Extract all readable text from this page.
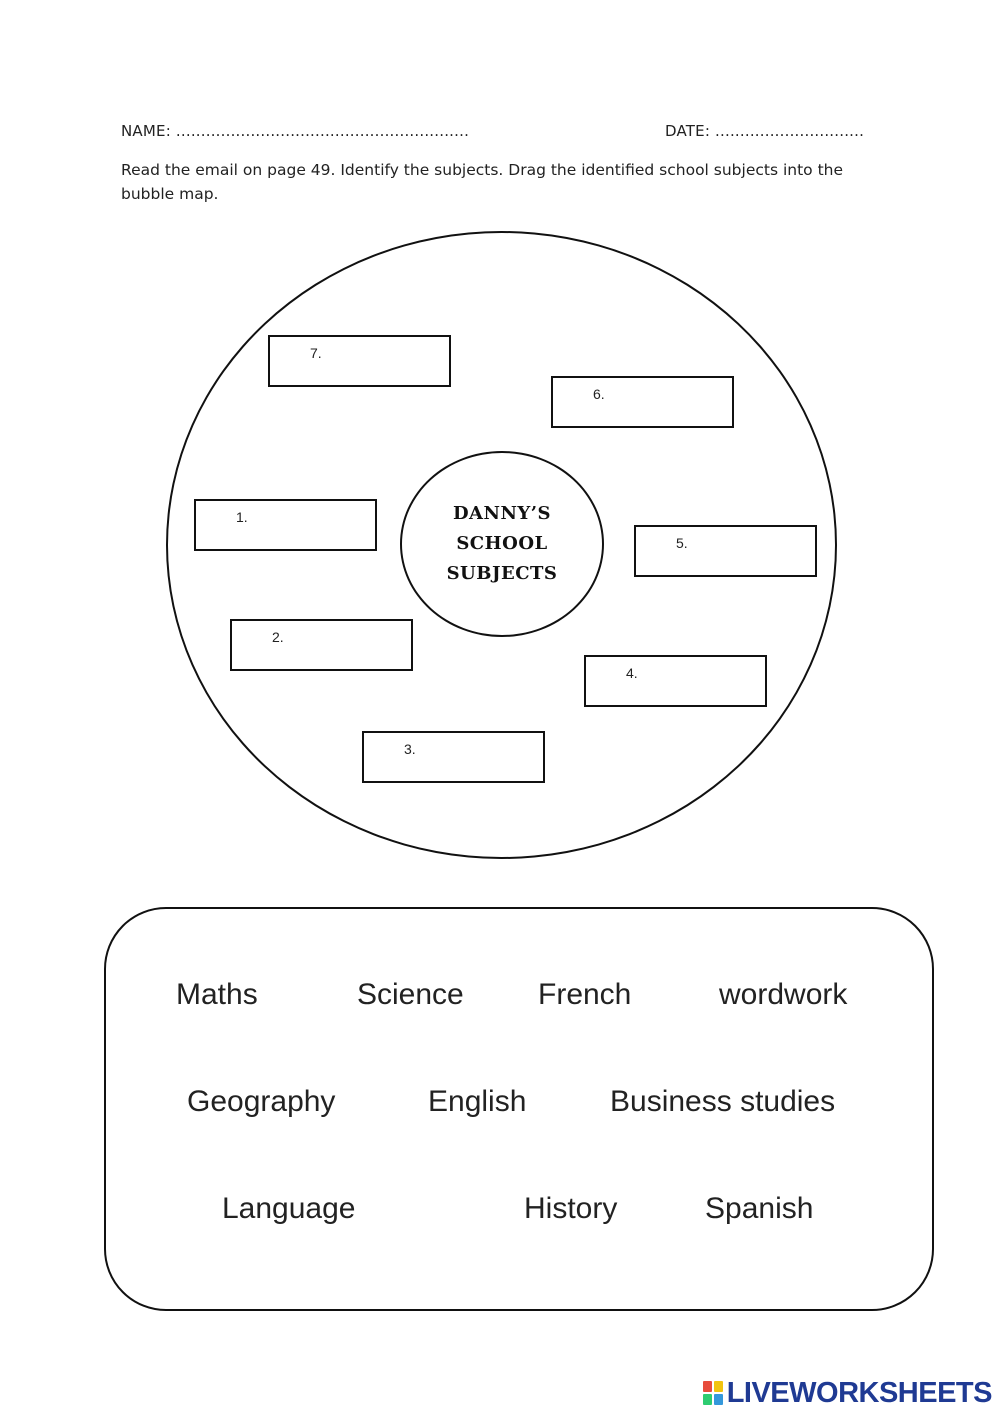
NAME: ...........................................................	DATE: ..............................
Read the email on page 49. Identify the subjects. Drag the identified school subjects into the bubble map.
DANNY’S
SCHOOL
SUBJECTS
7.
6.
1.
5.
2.
4.
3.
Maths	Science French	wordwork
Geography	English	Business studies
Language	History	Spanish
LIVEWORKSHEETS
